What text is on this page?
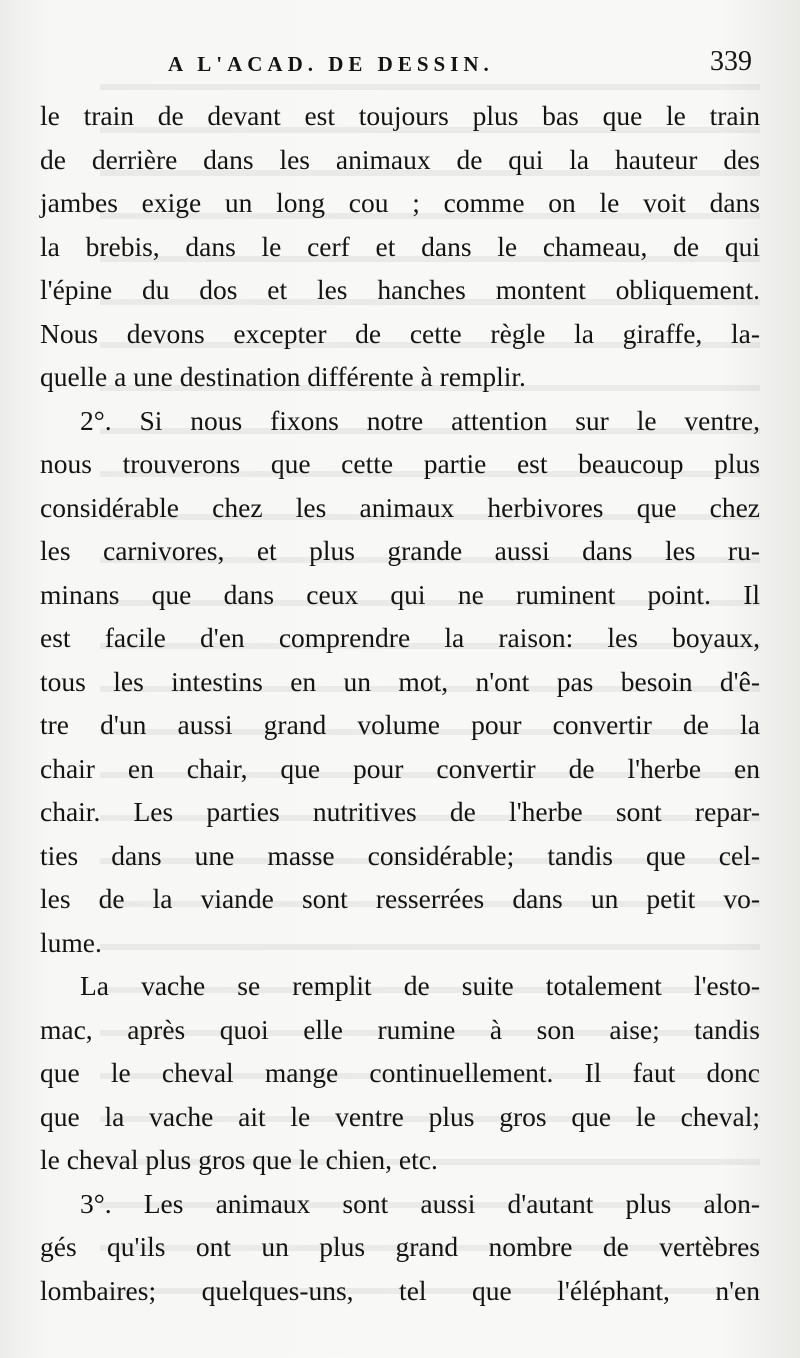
A L'ACAD. DE DESSIN.	339
le train de devant est toujours plus bas que le train
de derrière dans les animaux de qui la hauteur des
jambes exige un long cou ; comme on le voit dans
la brebis, dans le cerf et dans le chameau, de qui
l'épine du dos et les hanches montent obliquement.
Nous devons excepter de cette règle la giraffe, la-
quelle a une destination différente à remplir.
2°. Si nous fixons notre attention sur le ventre,
nous trouverons que cette partie est beaucoup plus
considérable chez les animaux herbivores que chez
les carnivores, et plus grande aussi dans les ru-
minans que dans ceux qui ne ruminent point. Il
est facile d'en comprendre la raison: les boyaux,
tous les intestins en un mot, n'ont pas besoin d'ê-
tre d'un aussi grand volume pour convertir de la
chair en chair, que pour convertir de l'herbe en
chair. Les parties nutritives de l'herbe sont repar-
ties dans une masse considérable; tandis que cel-
les de la viande sont resserrées dans un petit vo-
lume.
La vache se remplit de suite totalement l'esto-
mac, après quoi elle rumine à son aise; tandis
que le cheval mange continuellement. Il faut donc
que la vache ait le ventre plus gros que le cheval;
le cheval plus gros que le chien, etc.
3°. Les animaux sont aussi d'autant plus alon-
gés qu'ils ont un plus grand nombre de vertèbres
lombaires; quelques-uns, tel que l'éléphant, n'en
